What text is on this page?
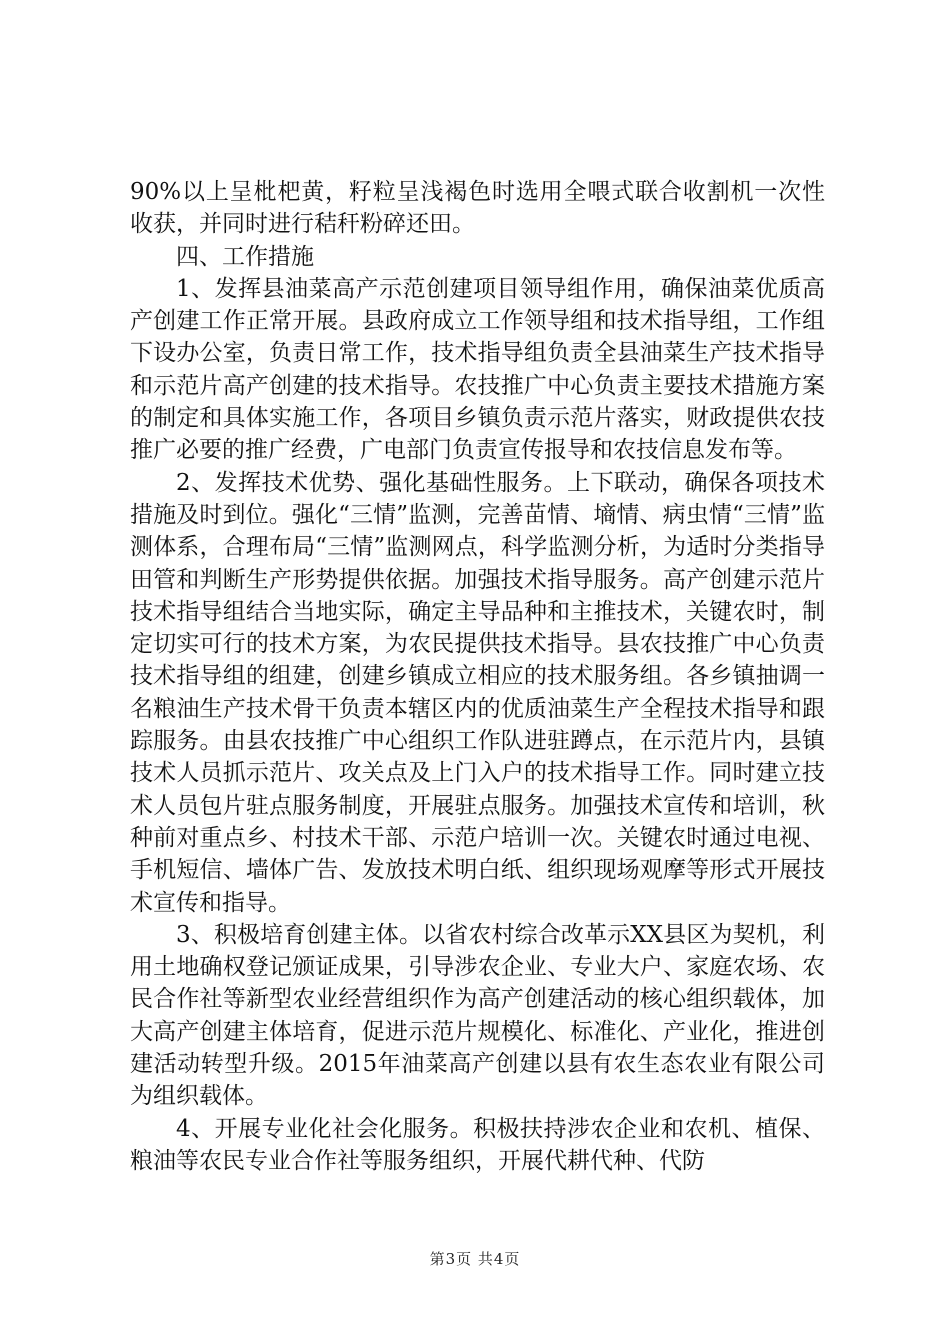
90%以上呈枇杷黄，籽粒呈浅褐色时选用全喂式联合收割机一次性收获，并同时进行秸秆粉碎还田。

四、工作措施

1、发挥县油菜高产示范创建项目领导组作用，确保油菜优质高产创建工作正常开展。县政府成立工作领导组和技术指导组，工作组下设办公室，负责日常工作，技术指导组负责全县油菜生产技术指导和示范片高产创建的技术指导。农技推广中心负责主要技术措施方案的制定和具体实施工作，各项目乡镇负责示范片落实，财政提供农技推广必要的推广经费，广电部门负责宣传报导和农技信息发布等。

2、发挥技术优势、强化基础性服务。上下联动，确保各项技术措施及时到位。强化“三情”监测，完善苗情、墒情、病虫情“三情”监测体系，合理布局“三情”监测网点，科学监测分析，为适时分类指导田管和判断生产形势提供依据。加强技术指导服务。高产创建示范片技术指导组结合当地实际，确定主导品种和主推技术，关键农时，制定切实可行的技术方案，为农民提供技术指导。县农技推广中心负责技术指导组的组建，创建乡镇成立相应的技术服务组。各乡镇抽调一名粮油生产技术骨干负责本辖区内的优质油菜生产全程技术指导和跟踪服务。由县农技推广中心组织工作队进驻蹲点，在示范片内，县镇技术人员抓示范片、攻关点及上门入户的技术指导工作。同时建立技术人员包片驻点服务制度，开展驻点服务。加强技术宣传和培训，秋种前对重点乡、村技术干部、示范户培训一次。关键农时通过电视、手机短信、墙体广告、发放技术明白纸、组织现场观摩等形式开展技术宣传和指导。

3、积极培育创建主体。以省农村综合改革示XX县区为契机，利用土地确权登记颁证成果，引导涉农企业、专业大户、家庭农场、农民合作社等新型农业经营组织作为高产创建活动的核心组织载体，加大高产创建主体培育，促进示范片规模化、标准化、产业化，推进创建活动转型升级。2015年油菜高产创建以县有农生态农业有限公司为组织载体。

4、开展专业化社会化服务。积极扶持涉农企业和农机、植保、粮油等农民专业合作社等服务组织，开展代耕代种、代防

第3页 共4页
